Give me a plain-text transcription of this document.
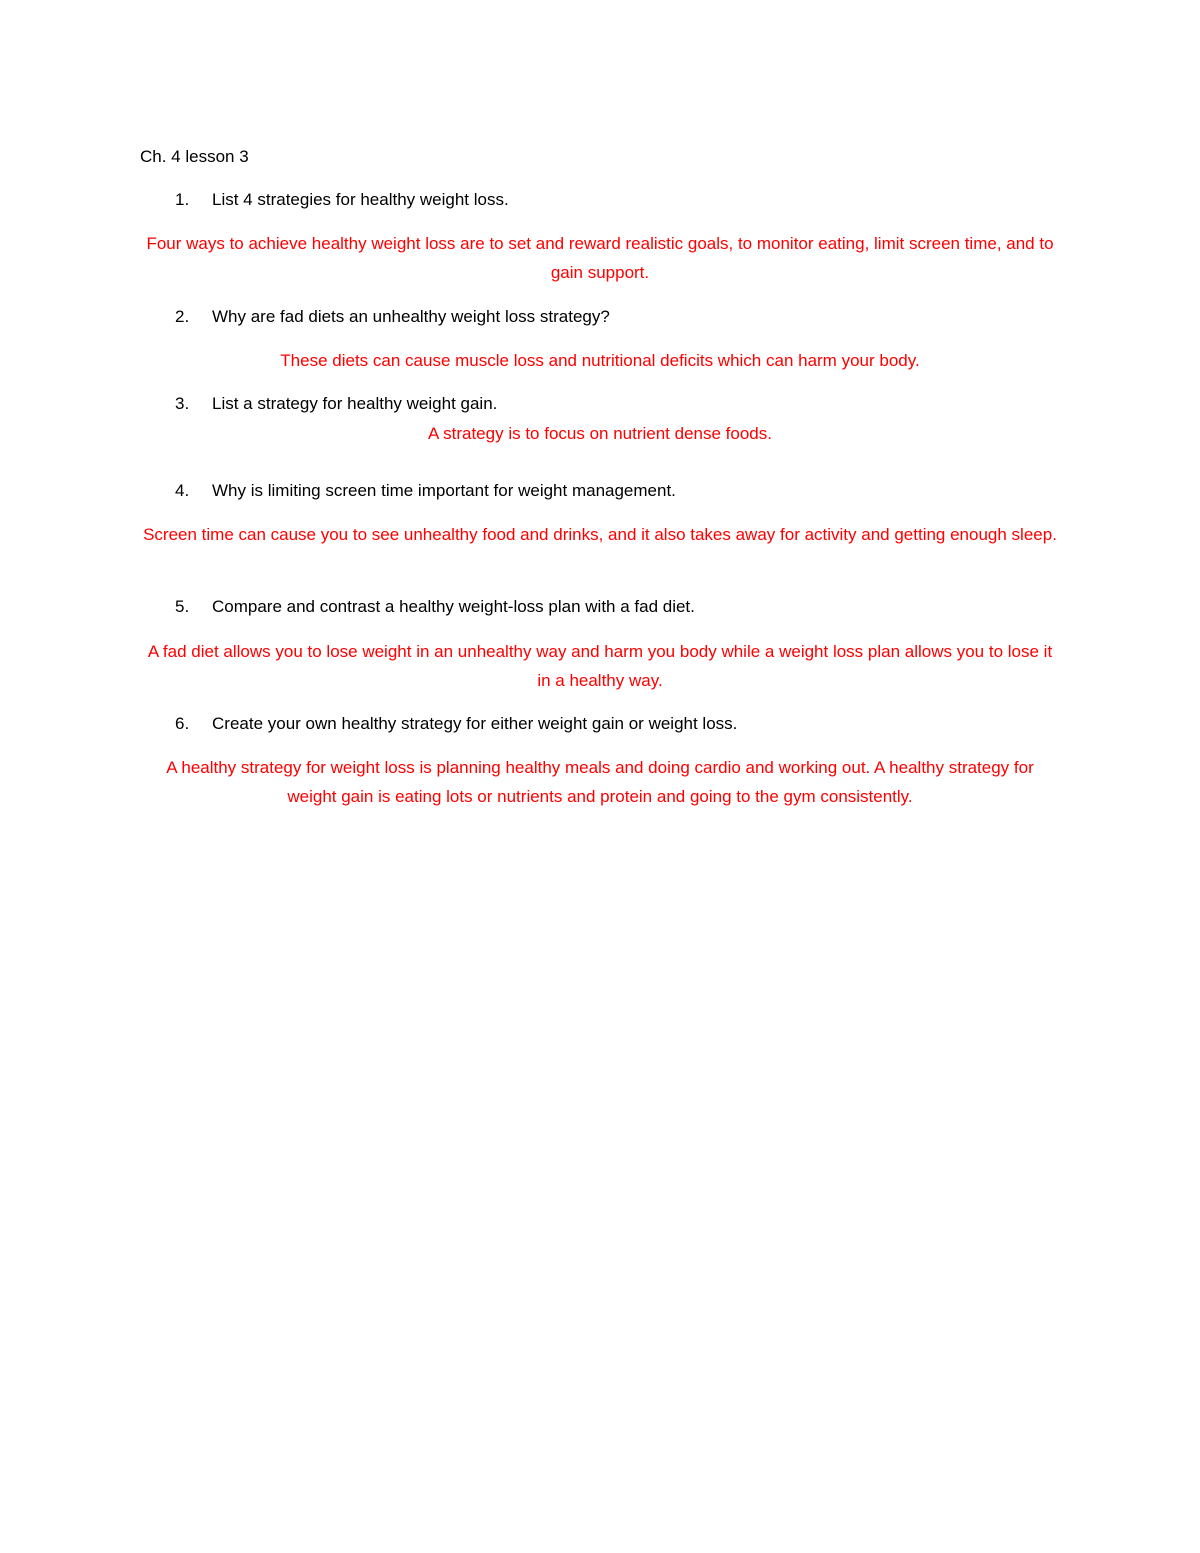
Ch. 4 lesson 3
1. List 4 strategies for healthy weight loss.
Four ways to achieve healthy weight loss are to set and reward realistic goals, to monitor eating, limit screen time, and to gain support.
2. Why are fad diets an unhealthy weight loss strategy?
These diets can cause muscle loss and nutritional deficits which can harm your body.
3. List a strategy for healthy weight gain.
A strategy is to focus on nutrient dense foods.
4. Why is limiting screen time important for weight management.
Screen time can cause you to see unhealthy food and drinks, and it also takes away for activity and getting enough sleep.
5. Compare and contrast a healthy weight-loss plan with a fad diet.
A fad diet allows you to lose weight in an unhealthy way and harm you body while a weight loss plan allows you to lose it in a healthy way.
6. Create your own healthy strategy for either weight gain or weight loss.
A healthy strategy for weight loss is planning healthy meals and doing cardio and working out. A healthy strategy for weight gain is eating lots or nutrients and protein and going to the gym consistently.
